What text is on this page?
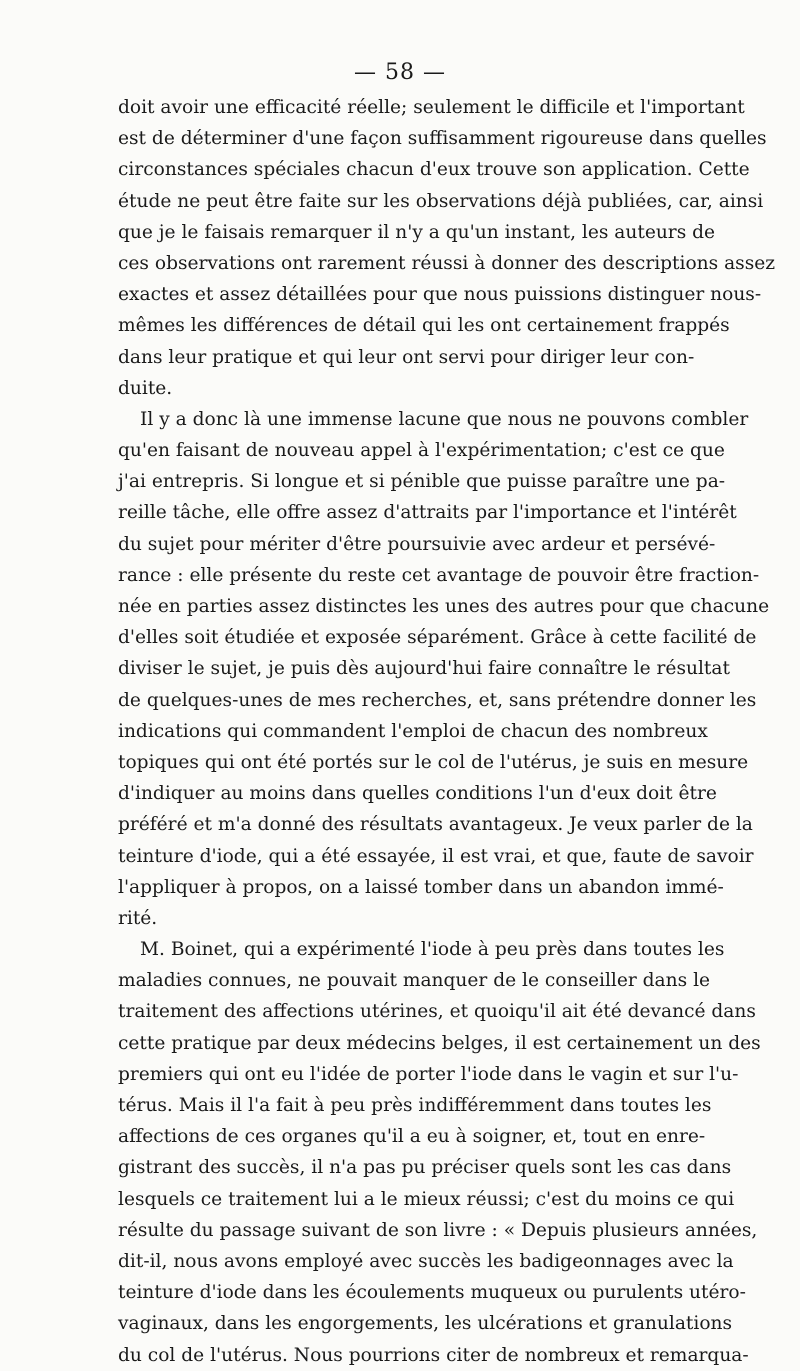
— 58 —
doit avoir une efficacité réelle; seulement le difficile et l'important
est de déterminer d'une façon suffisamment rigoureuse dans quelles
circonstances spéciales chacun d'eux trouve son application. Cette
étude ne peut être faite sur les observations déjà publiées, car, ainsi
que je le faisais remarquer il n'y a qu'un instant, les auteurs de
ces observations ont rarement réussi à donner des descriptions assez
exactes et assez détaillées pour que nous puissions distinguer nous-
mêmes les différences de détail qui les ont certainement frappés
dans leur pratique et qui leur ont servi pour diriger leur con-
duite.
Il y a donc là une immense lacune que nous ne pouvons combler
qu'en faisant de nouveau appel à l'expérimentation; c'est ce que
j'ai entrepris. Si longue et si pénible que puisse paraître une pa-
reille tâche, elle offre assez d'attraits par l'importance et l'intérêt
du sujet pour mériter d'être poursuivie avec ardeur et persévé-
rance : elle présente du reste cet avantage de pouvoir être fraction-
née en parties assez distinctes les unes des autres pour que chacune
d'elles soit étudiée et exposée séparément. Grâce à cette facilité de
diviser le sujet, je puis dès aujourd'hui faire connaître le résultat
de quelques-unes de mes recherches, et, sans prétendre donner les
indications qui commandent l'emploi de chacun des nombreux
topiques qui ont été portés sur le col de l'utérus, je suis en mesure
d'indiquer au moins dans quelles conditions l'un d'eux doit être
préféré et m'a donné des résultats avantageux. Je veux parler de la
teinture d'iode, qui a été essayée, il est vrai, et que, faute de savoir
l'appliquer à propos, on a laissé tomber dans un abandon immé-
rité.
M. Boinet, qui a expérimenté l'iode à peu près dans toutes les
maladies connues, ne pouvait manquer de le conseiller dans le
traitement des affections utérines, et quoiqu'il ait été devancé dans
cette pratique par deux médecins belges, il est certainement un des
premiers qui ont eu l'idée de porter l'iode dans le vagin et sur l'u-
térus. Mais il l'a fait à peu près indifféremment dans toutes les
affections de ces organes qu'il a eu à soigner, et, tout en enre-
gistrant des succès, il n'a pas pu préciser quels sont les cas dans
lesquels ce traitement lui a le mieux réussi; c'est du moins ce qui
résulte du passage suivant de son livre : « Depuis plusieurs années,
dit-il, nous avons employé avec succès les badigeonnages avec la
teinture d'iode dans les écoulements muqueux ou purulents utéro-
vaginaux, dans les engorgements, les ulcérations et granulations
du col de l'utérus. Nous pourrions citer de nombreux et remarqua-
